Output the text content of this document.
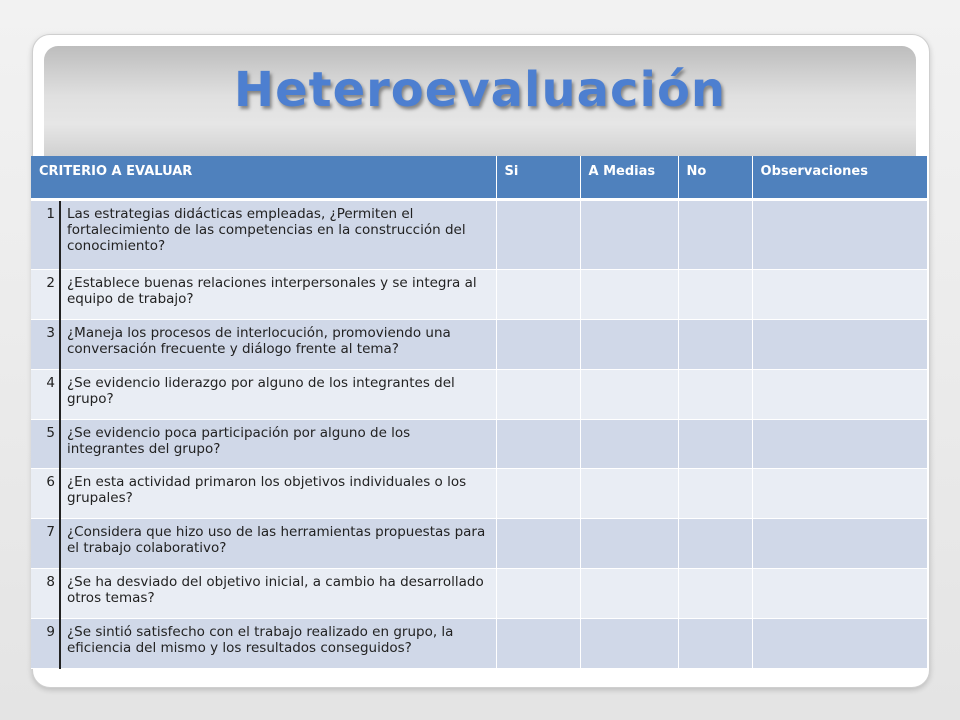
Heteroevaluación
CRITERIO A EVALUAR		Si	A Medias	No	Observaciones
1	Las estrategias didácticas empleadas, ¿Permiten el fortalecimiento de las competencias en la construcción del conocimiento?				
2	¿Establece buenas relaciones interpersonales y se integra al equipo de trabajo?				
3	¿Maneja los procesos de interlocución, promoviendo una conversación frecuente y diálogo frente al tema?				
4	¿Se evidencio liderazgo por alguno de los integrantes del grupo?				
5	¿Se evidencio poca participación por alguno de los integrantes del grupo?				
6	¿En esta actividad primaron los objetivos individuales o los grupales?				
7	¿Considera que hizo uso de las herramientas propuestas para el trabajo colaborativo?				
8	¿Se ha desviado del objetivo inicial, a cambio ha desarrollado otros temas?				
9	¿Se sintió satisfecho con el trabajo realizado en grupo, la eficiencia del mismo y los resultados conseguidos?				
